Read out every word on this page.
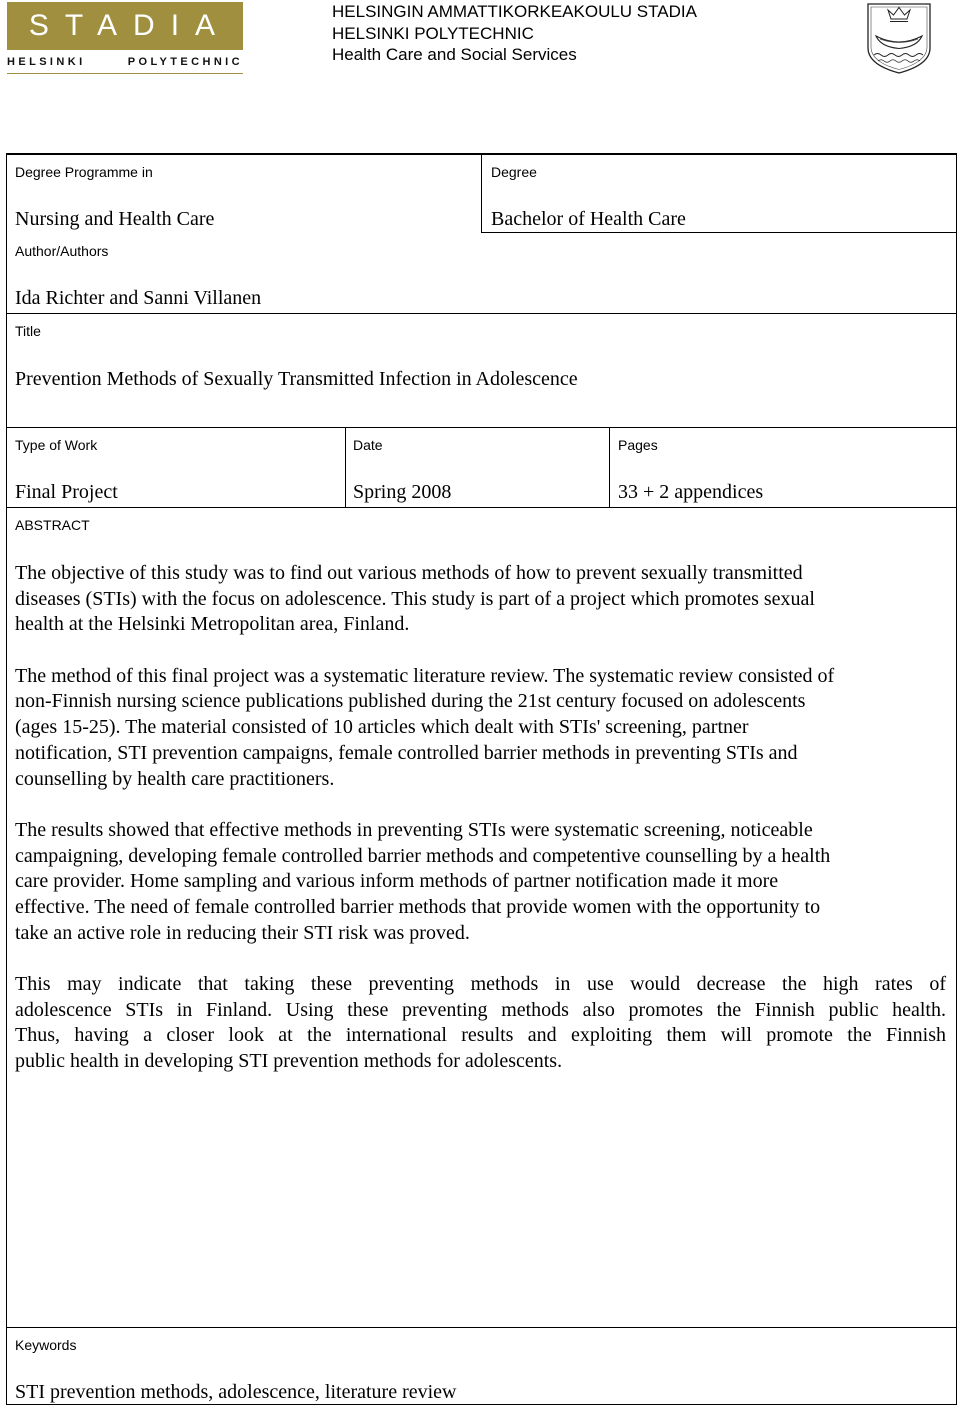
STADIA
HELSINKI POLYTECHNIC
HELSINGIN AMMATTIKORKEAKOULU STADIA
HELSINKI POLYTECHNIC
Health Care and Social Services
Degree Programme in
Nursing and Health Care
Degree
Bachelor of Health Care
Author/Authors
Ida Richter and Sanni Villanen
Title
Prevention Methods of Sexually Transmitted Infection in Adolescence
Type of Work
Final Project
Date
Spring 2008
Pages
33 + 2 appendices
ABSTRACT
The objective of this study was to find out various methods of how to prevent sexually transmitted
diseases (STIs) with the focus on adolescence. This study is part of a project which promotes sexual
health at the Helsinki Metropolitan area, Finland.
The method of this final project was a systematic literature review. The systematic review consisted of
non-Finnish nursing science publications published during the 21st century focused on adolescents
(ages 15-25). The material consisted of 10 articles which dealt with STIs' screening, partner
notification, STI prevention campaigns, female controlled barrier methods in preventing STIs and
counselling by health care practitioners.
The results showed that effective methods in preventing STIs were systematic screening, noticeable
campaigning, developing female controlled barrier methods and competentive counselling by a health
care provider. Home sampling and various inform methods of partner notification made it more
effective. The need of female controlled barrier methods that provide women with the opportunity to
take an active role in reducing their STI risk was proved.
This may indicate that taking these preventing methods in use would decrease the high rates of
adolescence STIs in Finland. Using these preventing methods also promotes the Finnish public health.
Thus, having a closer look at the international results and exploiting them will promote the Finnish
public health in developing STI prevention methods for adolescents.
Keywords
STI prevention methods, adolescence, literature review
